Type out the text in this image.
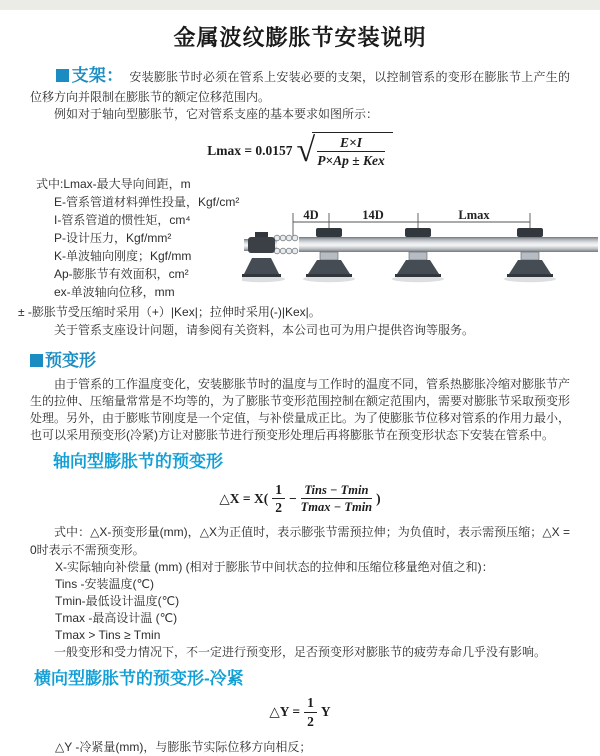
金属波纹膨胀节安装说明

支架： 安装膨胀节时必须在管系上安装必要的支架，以控制管系的变形在膨胀节上产生的位移方向并限制在膨胀节的额定位移范围内。

例如对于轴向型膨胀节，它对管系支座的基本要求如图所示：

Lmax = 0.0157 √ $\frac{E\times I}{\text{P×Ap ± Kex}}$
式中:Lmax-最大导向间距，m
E-管系管道材料弹性投量，Kgf/cm²
I-管系管道的惯性矩，cm⁴
P-设计压力，Kgf/mm²
K-单波轴向刚度；Kgf/mm
Ap-膨胀节有效面积，cm²
ex-单波轴向位移，mm
4D	14D	Lmax

± -膨胀节受压缩时采用（+）|Kex|；拉伸时采用(-)|Kex|。

关于管系支座设计问题，请参阅有关资料，本公司也可为用户提供咨询等服务。

预变形

由于管系的工作温度变化，安装膨胀节时的温度与工作时的温度不同，管系热膨胀冷缩对膨胀节产生的拉伸、压缩量常常是不均等的，为了膨胀节变形范围控制在额定范围内，需要对膨胀节采取预变形处理。另外，由于膨账节刚度是一个定值，与补偿量成正比。为了使膨胀节位移对管系的作用力最小，也可以采用预变形(冷紧)方让对膨胀节进行预变形处理后再将膨胀节在预变形状态下安装在管系中。

轴向型膨胀节的预变形
△X = $X( \frac{1}{2} - \frac{\text{Tins − Tmin}}{Tmax - Tmin}$ )

式中：△X-预变形量(mm)，△X为正值时，表示膨张节需预拉伸；为负值时，表示需预压缩；△X = 0时表示不需预变形。

X-实际轴向补偿量 (mm) (相对于膨胀节中间状态的拉伸和压缩位移量绝对值之和)：

Tins -安装温度(℃)
Tmin-最低设计温度(℃)
Tmax -最高设计温 (℃)
Tmax > Tins ≥ Tmin

一般变形和受力情况下，不一定进行预变形，足否预变形对膨胀节的疲劳寿命几乎没有影响。

横向型膨胀节的预变形-冷紧
△Y = $\frac{1}{2}$ Y

△Y -冷紧量(mm)，与膨胀节实际位移方向相反；
